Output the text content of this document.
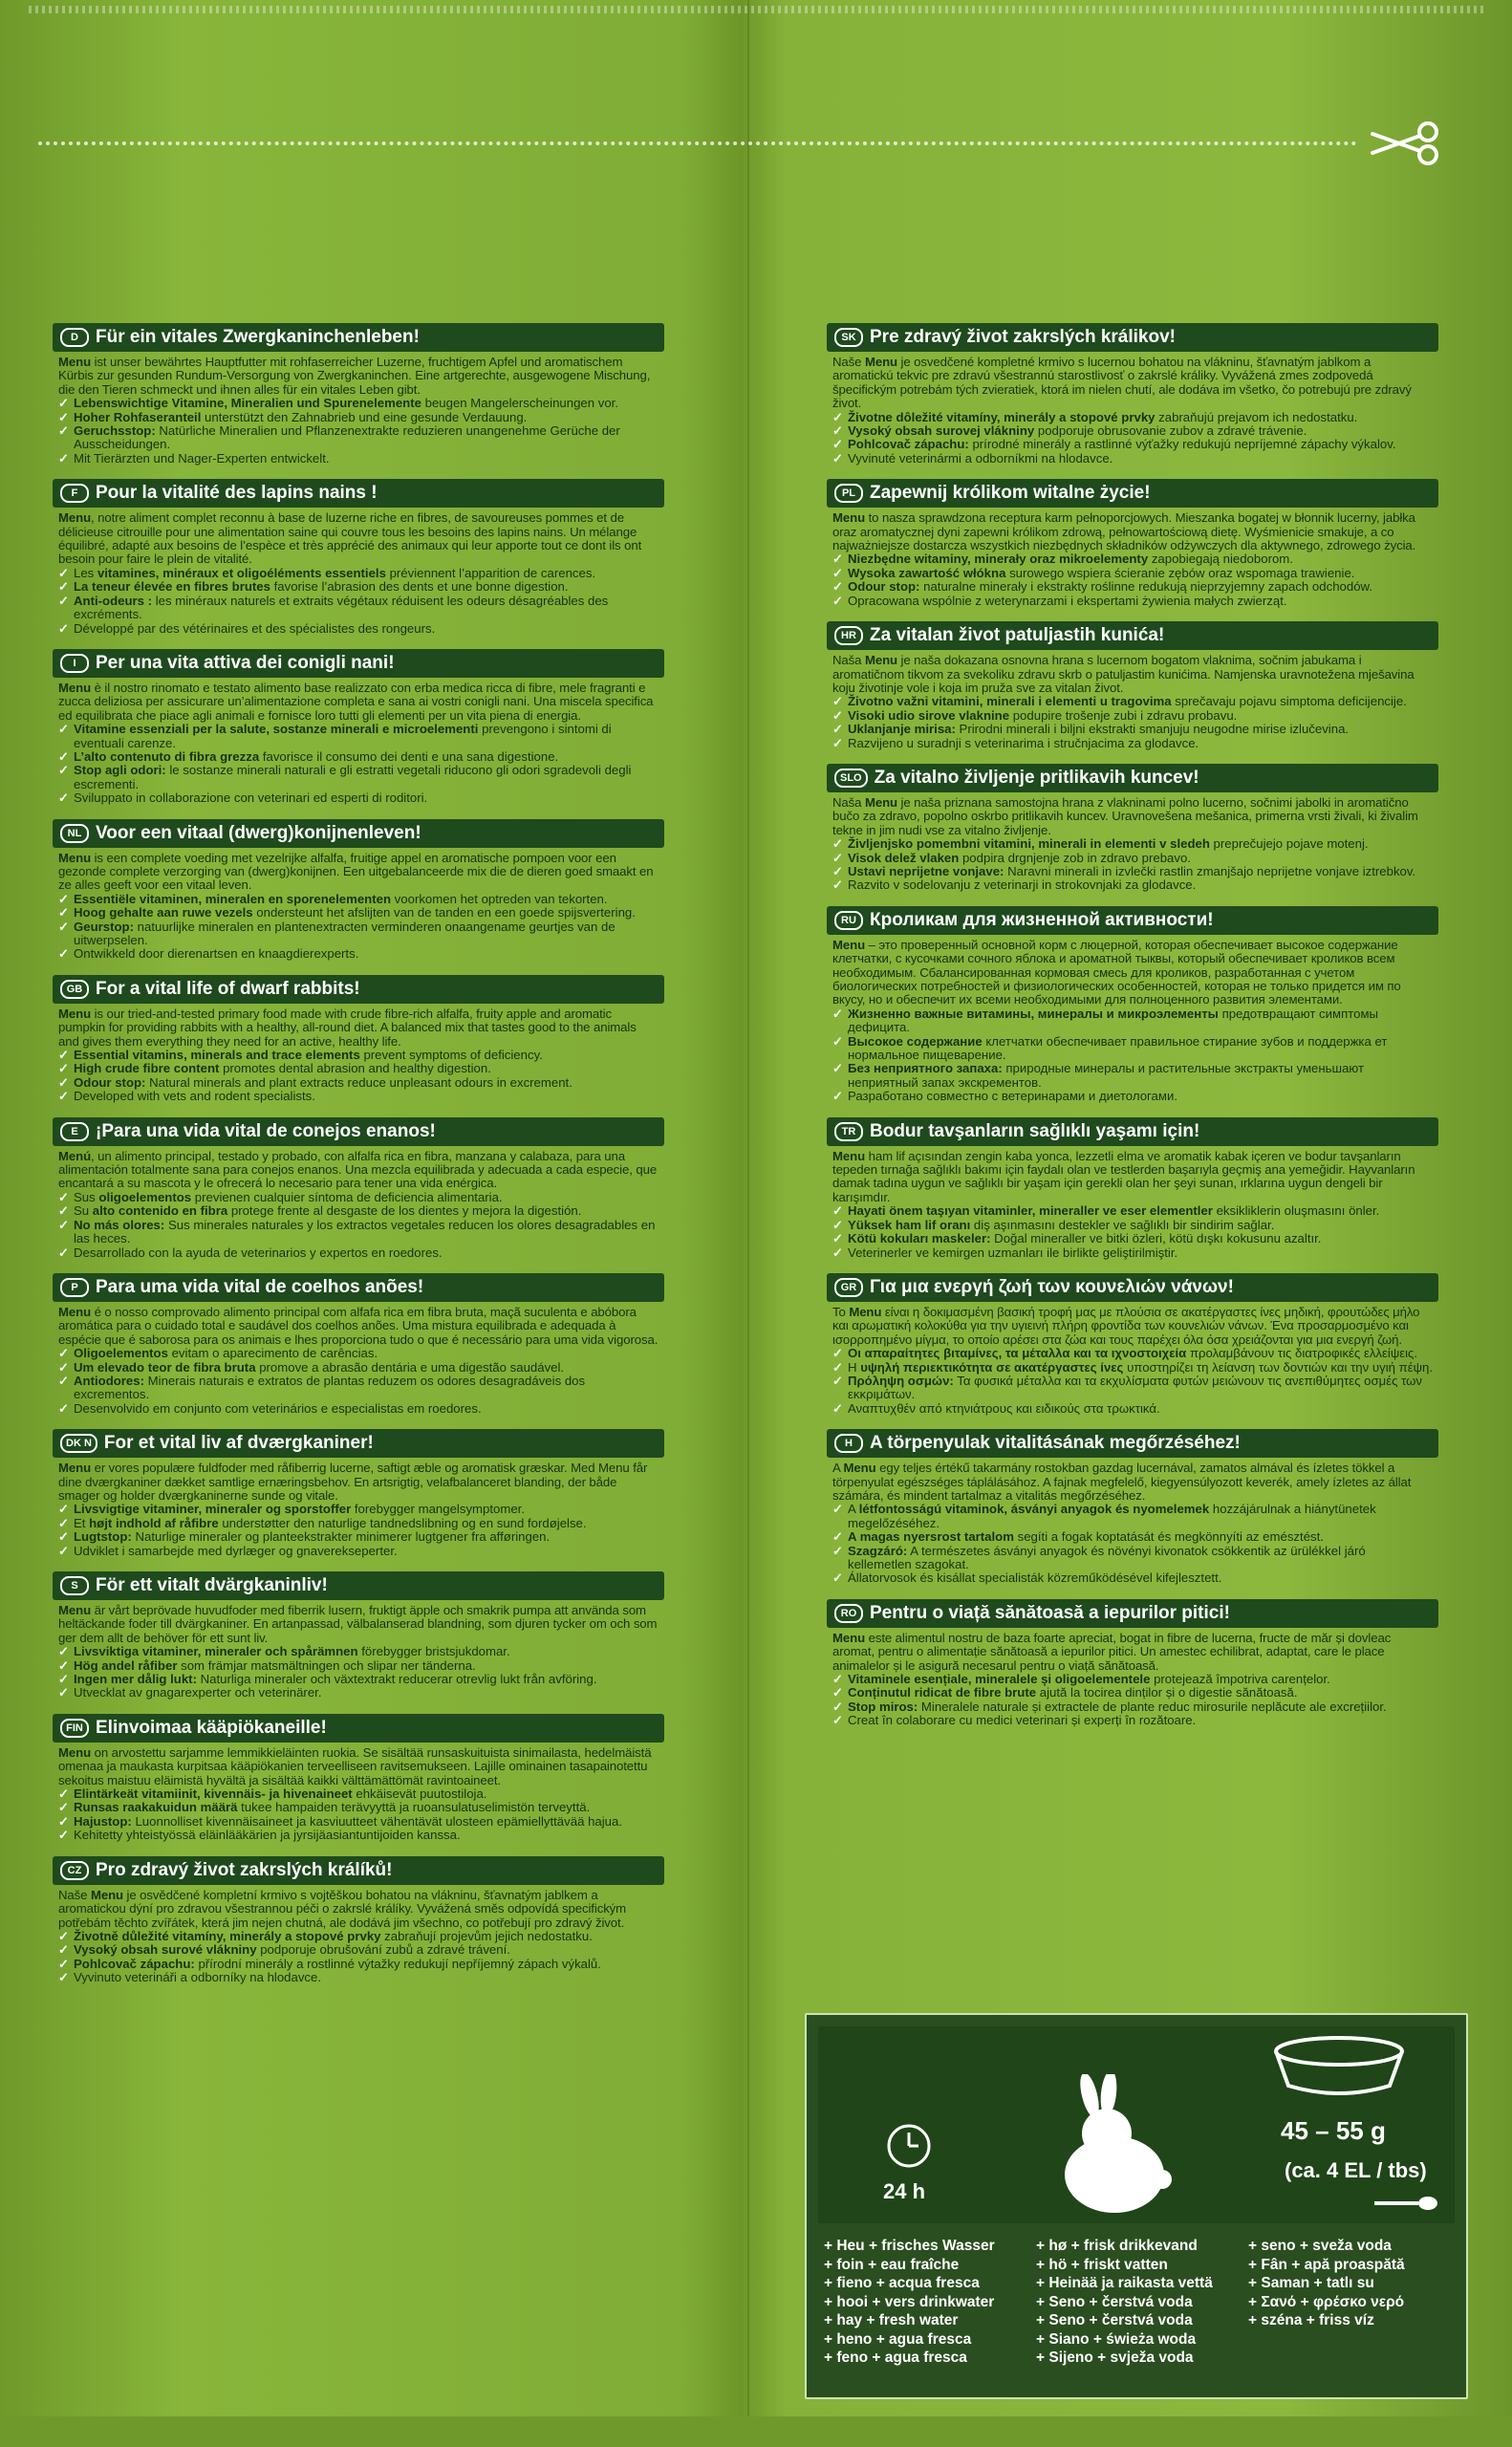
D Für ein vitales Zwergkaninchenleben!

Menu ist unser bewährtes Hauptfutter mit rohfaserreicher Luzerne, fruchtigem Apfel und aromatischem Kürbis zur gesunden Rundum-Versorgung von Zwergkaninchen. Eine artgerechte, ausgewogene Mischung, die den Tieren schmeckt und ihnen alles für ein vitales Leben gibt.

✓ Lebenswichtige Vitamine, Mineralien und Spurenelemente beugen Mangelerscheinungen vor.
✓ Hoher Rohfaseranteil unterstützt den Zahnabrieb und eine gesunde Verdauung.
✓ Geruchsstop: Natürliche Mineralien und Pflanzenextrakte reduzieren unangenehme Gerüche der Ausscheidungen.
✓ Mit Tierärzten und Nager-Experten entwickelt.
F Pour la vitalité des lapins nains !

Menu, notre aliment complet reconnu à base de luzerne riche en fibres, de savoureuses pommes et de délicieuse citrouille pour une alimentation saine qui couvre tous les besoins des lapins nains. Un mélange équilibré, adapté aux besoins de l’espèce et très apprécié des animaux qui leur apporte tout ce dont ils ont besoin pour faire le plein de vitalité.

✓ Les vitamines, minéraux et oligoéléments essentiels préviennent l’apparition de carences.
✓ La teneur élevée en fibres brutes favorise l’abrasion des dents et une bonne digestion.
✓ Anti-odeurs : les minéraux naturels et extraits végétaux réduisent les odeurs désagréables des excréments.
✓ Développé par des vétérinaires et des spécialistes des rongeurs.
I	Per una vita attiva dei conigli nani!

Menu è il nostro rinomato e testato alimento base realizzato con erba medica ricca di fibre, mele fragranti e zucca deliziosa per assicurare un’alimentazione completa e sana ai vostri conigli nani. Una miscela specifica ed equilibrata che piace agli animali e fornisce loro tutti gli elementi per un vita piena di energia.

✓ Vitamine essenziali per la salute, sostanze minerali e microelementi prevengono i sintomi di eventuali carenze.
✓ L’alto contenuto di fibra grezza favorisce il consumo dei denti e una sana digestione.
✓ Stop agli odori: le sostanze minerali naturali e gli estratti vegetali riducono gli odori sgradevoli degli escrementi.
✓ Sviluppato in collaborazione con veterinari ed esperti di roditori.
NL Voor een vitaal (dwerg)konijnenleven!

Menu is een complete voeding met vezelrijke alfalfa, fruitige appel en aromatische pompoen voor een gezonde complete verzorging van (dwerg)konijnen. Een uitgebalanceerde mix die de dieren goed smaakt en ze alles geeft voor een vitaal leven.

✓ Essentiële vitaminen, mineralen en sporenelementen voorkomen het optreden van tekorten.
✓ Hoog gehalte aan ruwe vezels ondersteunt het afslijten van de tanden en een goede spijsvertering.
✓ Geurstop: natuurlijke mineralen en plantenextracten verminderen onaangename geurtjes van de uitwerpselen.
✓ Ontwikkeld door dierenartsen en knaagdierexperts.
GB For a vital life of dwarf rabbits!

Menu is our tried-and-tested primary food made with crude fibre-rich alfalfa, fruity apple and aromatic pumpkin for providing rabbits with a healthy, all-round diet. A balanced mix that tastes good to the animals and gives them everything they need for an active, healthy life.

✓ Essential vitamins, minerals and trace elements prevent symptoms of deficiency.
✓ High crude fibre content promotes dental abrasion and healthy digestion.
✓ Odour stop: Natural minerals and plant extracts reduce unpleasant odours in excrement.
✓ Developed with vets and rodent specialists.
E ¡Para una vida vital de conejos enanos!

Menú, un alimento principal, testado y probado, con alfalfa rica en fibra, manzana y calabaza, para una alimentación totalmente sana para conejos enanos. Una mezcla equilibrada y adecuada a cada especie, que encantará a su mascota y le ofrecerá lo necesario para tener una vida enérgica.

✓ Sus oligoelementos previenen cualquier síntoma de deficiencia alimentaria.
✓ Su alto contenido en fibra protege frente al desgaste de los dientes y mejora la digestión.
✓ No más olores: Sus minerales naturales y los extractos vegetales reducen los olores desagradables en las heces.
✓ Desarrollado con la ayuda de veterinarios y expertos en roedores.
P Para uma vida vital de coelhos anões!

Menu é o nosso comprovado alimento principal com alfafa rica em fibra bruta, maçã suculenta e abóbora aromática para o cuidado total e saudável dos coelhos anões. Uma mistura equilibrada e adequada à espécie que é saborosa para os animais e lhes proporciona tudo o que é necessário para uma vida vigorosa.

✓ Oligoelementos evitam o aparecimento de carências.
✓ Um elevado teor de fibra bruta promove a abrasão dentária e uma digestão saudável.
✓ Antiodores: Minerais naturais e extratos de plantas reduzem os odores desagradáveis dos excrementos.
✓ Desenvolvido em conjunto com veterinários e especialistas em roedores.
DK N For et vital liv af dværgkaniner!

Menu er vores populære fuldfoder med råfiberrig lucerne, saftigt æble og aromatisk græskar. Med Menu får dine dværgkaniner dækket samtlige ernæringsbehov. En artsrigtig, velafbalanceret blanding, der både smager og holder dværgkaninerne sunde og vitale.

✓ Livsvigtige vitaminer, mineraler og sporstoffer forebygger mangelsymptomer.
✓ Et højt indhold af råfibre understøtter den naturlige tandnedslibning og en sund fordøjelse.
✓ Lugtstop: Naturlige mineraler og planteekstrakter minimerer lugtgener fra afføringen.
✓ Udviklet i samarbejde med dyrlæger og gnaverekseperter.
S För ett vitalt dvärgkaninliv!

Menu är vårt beprövade huvudfoder med fiberrik lusern, fruktigt äpple och smakrik pumpa att använda som heltäckande foder till dvärgkaniner. En artanpassad, välbalanserad blandning, som djuren tycker om och som ger dem allt de behöver för ett sunt liv.

✓ Livsviktiga vitaminer, mineraler och spårämnen förebygger bristsjukdomar.
✓ Hög andel råfiber som främjar matsmältningen och slipar ner tänderna.
✓ Ingen mer dålig lukt: Naturliga mineraler och växtextrakt reducerar otrevlig lukt från avföring.
✓ Utvecklat av gnagarexperter och veterinärer.
FIN Elinvoimaa kääpiökaneille!

Menu on arvostettu sarjamme lemmikkieläinten ruokia. Se sisältää runsaskuituista sinimailasta, hedelmäistä omenaa ja maukasta kurpitsaa kääpiökanien terveelliseen ravitsemukseen. Lajille ominainen tasapainotettu sekoitus maistuu eläimistä hyvältä ja sisältää kaikki välttämättömät ravintoaineet.

✓ Elintärkeät vitamiinit, kivennäis- ja hivenaineet ehkäisevät puutostiloja.
✓ Runsas raakakuidun määrä tukee hampaiden terävyyttä ja ruoansulatuselimistön terveyttä.
✓ Hajustop: Luonnolliset kivennäisaineet ja kasviuutteet vähentävät ulosteen epämiellyttävää hajua.
✓ Kehitetty yhteistyössä eläinlääkärien ja jyrsijäasiantuntijoiden kanssa.
CZ Pro zdravý život zakrslých králíků!

Naše Menu je osvědčené kompletní krmivo s vojtěškou bohatou na vlákninu, šťavnatým jablkem a aromatickou dýní pro zdravou všestrannou péči o zakrslé králíky. Vyvážená směs odpovídá specifickým potřebám těchto zvířátek, která jim nejen chutná, ale dodává jim všechno, co potřebují pro zdravý život.

✓ Životně důležité vitamíny, minerály a stopové prvky zabraňují projevům jejich nedostatku.
✓ Vysoký obsah surové vlákniny podporuje obrušování zubů a zdravé trávení.
✓ Pohlcovač zápachu: přírodní minerály a rostlinné výtažky redukují nepříjemný zápach výkalů.
✓ Vyvinuto veterináři a odborníky na hlodavce.
SK Pre zdravý život zakrslých králikov!

Naše Menu je osvedčené kompletné krmivo s lucernou bohatou na vlákninu, šťavnatým jablkom a aromatickú tekvic pre zdravú všestrannú starostlivosť o zakrslé králiky. Vyvážená zmes zodpovedá špecifickým potrebám tých zvieratiek, ktorá im nielen chutí, ale dodáva im všetko, čo potrebujú pre zdravý život.

✓ Životne dôležité vitamíny, minerály a stopové prvky zabraňujú prejavom ich nedostatku.
✓ Vysoký obsah surovej vlákniny podporuje obrusovanie zubov a zdravé trávenie.
✓ Pohlcovač zápachu: prírodné minerály a rastlinné výťažky redukujú nepríjemné zápachy výkalov.
✓ Vyvinuté veterinármi a odborníkmi na hlodavce.
PL Zapewnij królikom witalne życie!

Menu to nasza sprawdzona receptura karm pełnoporcjowych. Mieszanka bogatej w błonnik lucerny, jabłka oraz aromatycznej dyni zapewni królikom zdrową, pełnowartościową dietę. Wyśmienicie smakuje, a co najważniejsze dostarcza wszystkich niezbędnych składników odżywczych dla aktywnego, zdrowego życia.

✓ Niezbędne witaminy, minerały oraz mikroelementy zapobiegają niedoborom.
✓ Wysoka zawartość włókna surowego wspiera ścieranie zębów oraz wspomaga trawienie.
✓ Odour stop: naturalne minerały i ekstrakty roślinne redukują nieprzyjemny zapach odchodów.
✓ Opracowana wspólnie z weterynarzami i ekspertami żywienia małych zwierząt.
HR Za vitalan život patuljastih kunića!

Naša Menu je naša dokazana osnovna hrana s lucernom bogatom vlaknima, sočnim jabukama i aromatičnom tikvom za svekoliku zdravu skrb o patuljastim kunićima. Namjenska uravnotežena mješavina koju životinje vole i koja im pruža sve za vitalan život.

✓ Životno važni vitamini, minerali i elementi u tragovima sprečavaju pojavu simptoma deficijencije.
✓ Visoki udio sirove vlaknine podupire trošenje zubi i zdravu probavu.
✓ Uklanjanje mirisa: Prirodni minerali i biljni ekstrakti smanjuju neugodne mirise izlučevina.
✓ Razvijeno u suradnji s veterinarima i stručnjacima za glodavce.
SLO Za vitalno življenje pritlikavih kuncev!

Naša Menu je naša priznana samostojna hrana z vlakninami polno lucerno, sočnimi jabolki in aromatično bučo za zdravo, popolno oskrbo pritlikavih kuncev. Uravnovešena mešanica, primerna vrsti živali, ki živalim tekne in jim nudi vse za vitalno življenje.

✓ Življenjsko pomembni vitamini, minerali in elementi v sledeh preprečujejo pojave motenj.
✓ Visok delež vlaken podpira drgnjenje zob in zdravo prebavo.
✓ Ustavi neprijetne vonjave: Naravni minerali in izvlečki rastlin zmanjšajo neprijetne vonjave iztrebkov.
✓ Razvito v sodelovanju z veterinarji in strokovnjaki za glodavce.
RU Кроликам для жизненной активности!

Menu – это проверенный основной корм с люцерной, которая обеспечивает высокое содержание клетчатки, с кусочками сочного яблока и ароматной тыквы, который обеспечивает кроликов всем необходимым. Сбалансированная кормовая смесь для кроликов, разработанная с учетом биологических потребностей и физиологических особенностей, которая не только придется им по вкусу, но и обеспечит их всеми необходимыми для полноценного развития элементами.

✓ Жизненно важные витамины, минералы и микроэлементы предотвращают симптомы дефицита.
✓ Высокое содержание клетчатки обеспечивает правильное стирание зубов и поддержка ет нормальное пищеварение.
✓ Без неприятного запаха: природные минералы и растительные экстракты уменьшают неприятный запах экскрементов.
✓ Разработано совместно с ветеринарами и диетологами.
TR Bodur tavşanların sağlıklı yaşamı için!

Menu ham lif açısından zengin kaba yonca, lezzetli elma ve aromatik kabak içeren ve bodur tavşanların tepeden tırnağa sağlıklı bakımı için faydalı olan ve testlerden başarıyla geçmiş ana yemeğidir. Hayvanların damak tadına uygun ve sağlıklı bir yaşam için gerekli olan her şeyi sunan, ırklarına uygun dengeli bir karışımdır.

✓ Hayati önem taşıyan vitaminler, mineraller ve eser elementler eksikliklerin oluşmasını önler.
✓ Yüksek ham lif oranı diş aşınmasını destekler ve sağlıklı bir sindirim sağlar.
✓ Kötü kokuları maskeler: Doğal mineraller ve bitki özleri, kötü dışkı kokusunu azaltır.
✓ Veterinerler ve kemirgen uzmanları ile birlikte geliştirilmiştir.
GR Για μια ενεργή ζωή των κουνελιών νάνων!

Το Menu είναι η δοκιμασμένη βασική τροφή μας με πλούσια σε ακατέργαστες ίνες μηδική, φρουτώδες μήλο και αρωματική κολοκύθα για την υγιεινή πλήρη φροντίδα των κουνελιών νάνων. Ένα προσαρμοσμένο και ισορροπημένο μίγμα, το οποίο αρέσει στα ζώα και τους παρέχει όλα όσα χρειάζονται για μια ενεργή ζωή.

✓ Οι απαραίτητες βιταμίνες, τα μέταλλα και τα ιχνοστοιχεία προλαμβάνουν τις διατροφικές ελλείψεις.
✓ Η υψηλή περιεκτικότητα σε ακατέργαστες ίνες υποστηρίζει τη λείανση των δοντιών και την υγιή πέψη.
✓ Πρόληψη οσμών: Τα φυσικά μέταλλα και τα εκχυλίσματα φυτών μειώνουν τις ανεπιθύμητες οσμές των εκκριμάτων.
✓ Αναπτυχθέν από κτηνιάτρους και ειδικούς στα τρωκτικά.
H A törpenyulak vitalitásának megőrzéséhez!

A Menu egy teljes értékű takarmány rostokban gazdag lucernával, zamatos almával és ízletes tökkel a törpenyulat egészséges táplálásához. A fajnak megfelelő, kiegyensúlyozott keverék, amely ízletes az állat számára, és mindent tartalmaz a vitalitás megőrzéséhez.

✓ A létfontosságú vitaminok, ásványi anyagok és nyomelemek hozzájárulnak a hiánytünetek megelőzéséhez.
✓ A magas nyersrost tartalom segíti a fogak koptatását és megkönnyíti az emésztést.
✓ Szagzáró: A természetes ásványi anyagok és növényi kivonatok csökkentik az ürülékkel járó kellemetlen szagokat.
✓ Állatorvosok és kisállat specialisták közreműködésével kifejlesztett.
RO Pentru o viață sănătoasă a iepurilor pitici!

Menu este alimentul nostru de baza foarte apreciat, bogat in fibre de lucerna, fructe de măr și dovleac aromat, pentru o alimentație sănătoasă a iepurilor pitici. Un amestec echilibrat, adaptat, care le place animalelor și le asigură necesarul pentru o viață sănătoasă.

✓ Vitaminele esențiale, mineralele și oligoelementele protejează împotriva carențelor.
✓ Conținutul ridicat de fibre brute ajută la tocirea dinților și o digestie sănătoasă.
✓ Stop miros: Mineralele naturale și extractele de plante reduc mirosurile neplăcute ale excrețiilor.
✓ Creat în colaborare cu medici veterinari și experți în rozătoare.
24 h
45 – 55 g
(ca. 4 EL / tbs)
+ Heu + frisches Wasser
+ foin + eau fraîche
+ fieno + acqua fresca
+ hooi + vers drinkwater
+ hay + fresh water
+ heno + agua fresca
+ feno + agua fresca
+ hø + frisk drikkevand
+ hö + friskt vatten
+ Heinää ja raikasta vettä
+ Seno + čerstvá voda
+ Seno + čerstvá voda
+ Siano + świeża woda
+ Sijeno + svježa voda
+ seno + sveža voda
+ Fân + apă proaspătă
+ Saman + tatlı su
+ Σανό + φρέσκο νερό
+ széna + friss víz
